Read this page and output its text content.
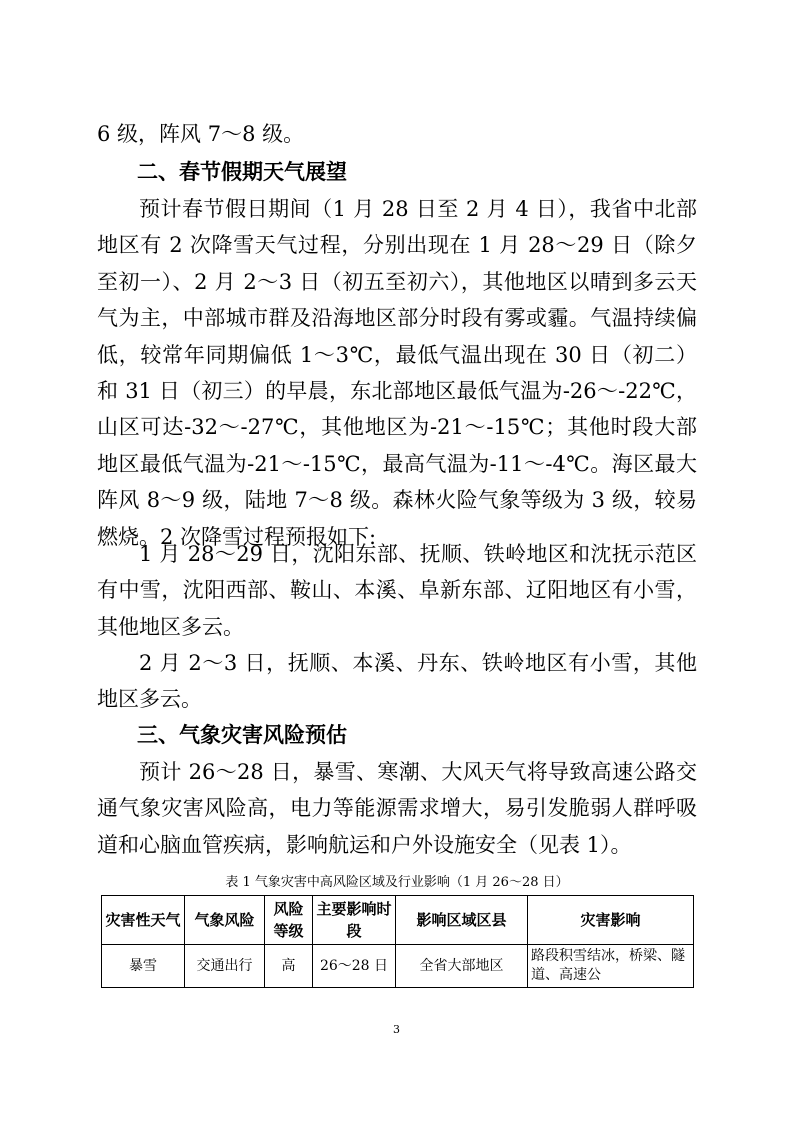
6 级，阵风 7～8 级。

二、春节假期天气展望

预计春节假日期间（1 月 28 日至 2 月 4 日），我省中北部地区有 2 次降雪天气过程，分别出现在 1 月 28～29 日（除夕至初一）、2 月 2～3 日（初五至初六），其他地区以晴到多云天气为主，中部城市群及沿海地区部分时段有雾或霾。气温持续偏低，较常年同期偏低 1～3℃，最低气温出现在 30 日（初二）和 31 日（初三）的早晨，东北部地区最低气温为-26～-22℃，山区可达-32～-27℃，其他地区为-21～-15℃；其他时段大部地区最低气温为-21～-15℃，最高气温为-11～-4℃。海区最大阵风 8～9 级，陆地 7～8 级。森林火险气象等级为 3 级，较易燃烧。2 次降雪过程预报如下:

1 月 28～29 日，沈阳东部、抚顺、铁岭地区和沈抚示范区有中雪，沈阳西部、鞍山、本溪、阜新东部、辽阳地区有小雪，其他地区多云。

2 月 2～3 日，抚顺、本溪、丹东、铁岭地区有小雪，其他地区多云。

三、气象灾害风险预估

预计 26～28 日，暴雪、寒潮、大风天气将导致高速公路交通气象灾害风险高，电力等能源需求增大，易引发脆弱人群呼吸道和心脑血管疾病，影响航运和户外设施安全（见表 1）。

表 1 气象灾害中高风险区域及行业影响（1 月 26～28 日）
灾害性天气	气象风险	风险等级	主要影响时段	影响区域区县	灾害影响
暴雪	交通出行	高	26～28 日	全省大部地区	路段积雪结冰，桥梁、隧道、高速公
3
